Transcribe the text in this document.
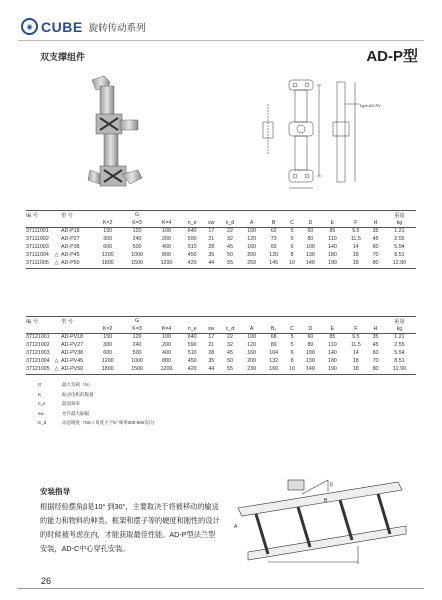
◉ CUBE 旋转传动系列
双支撑组件	AD-P型
Type AD-PV
编 号		型 号	G													重量
			K=2	K=3	K=4	n_e	sw	c_d	A	B	C	D	E	F	H	kg
37111001		AD-P18	150	120	100	640	17	22	100	62	5	60	85	9.5	35	1.21
37111002		AD-P27	300	240	200	590	21	32	120	73	5	80	110	11.5	45	2.55
37111003		AD-P38	600	500	400	510	28	45	160	93	6	100	140	14	60	5.54
37111004	△	AD-P45	1200	1000	800	450	35	50	200	120	8	130	180	18	70	8.51
37111005	△	AD-P50	1800	1500	1200	420	44	55	250	145	10	140	190	18	80	12.90
编 号		型 号	G													重量
			K=2	K=3	K=4	n_e	sw	c_d	A	B₁	C	D	E	F	H	kg
37121001		AD-PV18	150	120	100	640	17	22	100	68	5	60	85	9.5	35	1.21
37121002		AD-PV27	300	240	200	590	21	32	120	80	5	80	110	11.5	45	2.55
37121003		AD-PV38	600	500	400	510	28	45	160	104	6	100	140	14	60	5.54
37121004	△	AD-PV45	1200	1000	800	450	35	50	200	132	8	130	180	18	70	8.51
37121005	△	AD-PV50	1800	1500	1200	420	44	55	230	160	10	140	190	18	80	12.90
G	最大负载（N）
K	振动电机的数量
n_e	最高频率
sw	允许最大振幅
C_d	动态刚度（Nm / 角度小于5° 频率300-600次/分
安装指导
根据经验摆角β是10° 到30°，主要取决于将被移动的输送的能力和物料的种类。框架和摆子等的硬度和刚性的设计的时候被考虑在内，才能获取最佳性能。AD-P型法兰型安装，AD-C中心穿孔安装。
β
A
B
26
